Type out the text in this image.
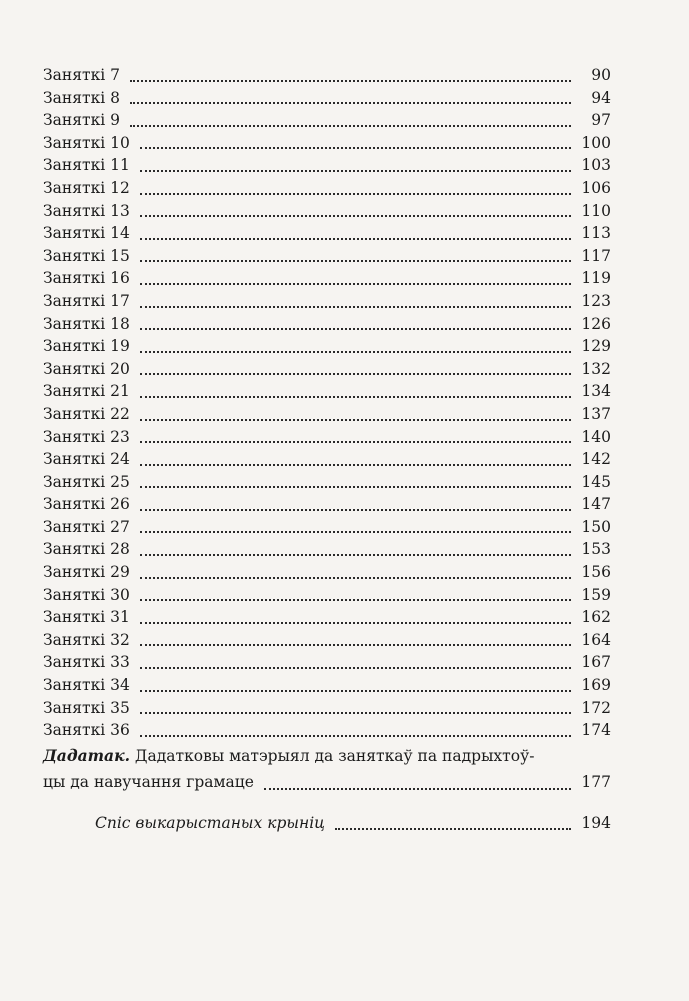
Заняткі 7	90
Заняткі 8	94
Заняткі 9	97
Заняткі 10	100
Заняткі 11	103
Заняткі 12	106
Заняткі 13	110
Заняткі 14	113
Заняткі 15	117
Заняткі 16	119
Заняткі 17	123
Заняткі 18	126
Заняткі 19	129
Заняткі 20	132
Заняткі 21	134
Заняткі 22	137
Заняткі 23	140
Заняткі 24	142
Заняткі 25	145
Заняткі 26	147
Заняткі 27	150
Заняткі 28	153
Заняткі 29	156
Заняткі 30	159
Заняткі 31	162
Заняткі 32	164
Заняткі 33	167
Заняткі 34	169
Заняткі 35	172
Заняткі 36	174
Дадатак. Дадатковы матэрыял да заняткаў па падрыхтоў-
цы да навучання грамаце	177
Спіс выкарыстаных крыніц	194
